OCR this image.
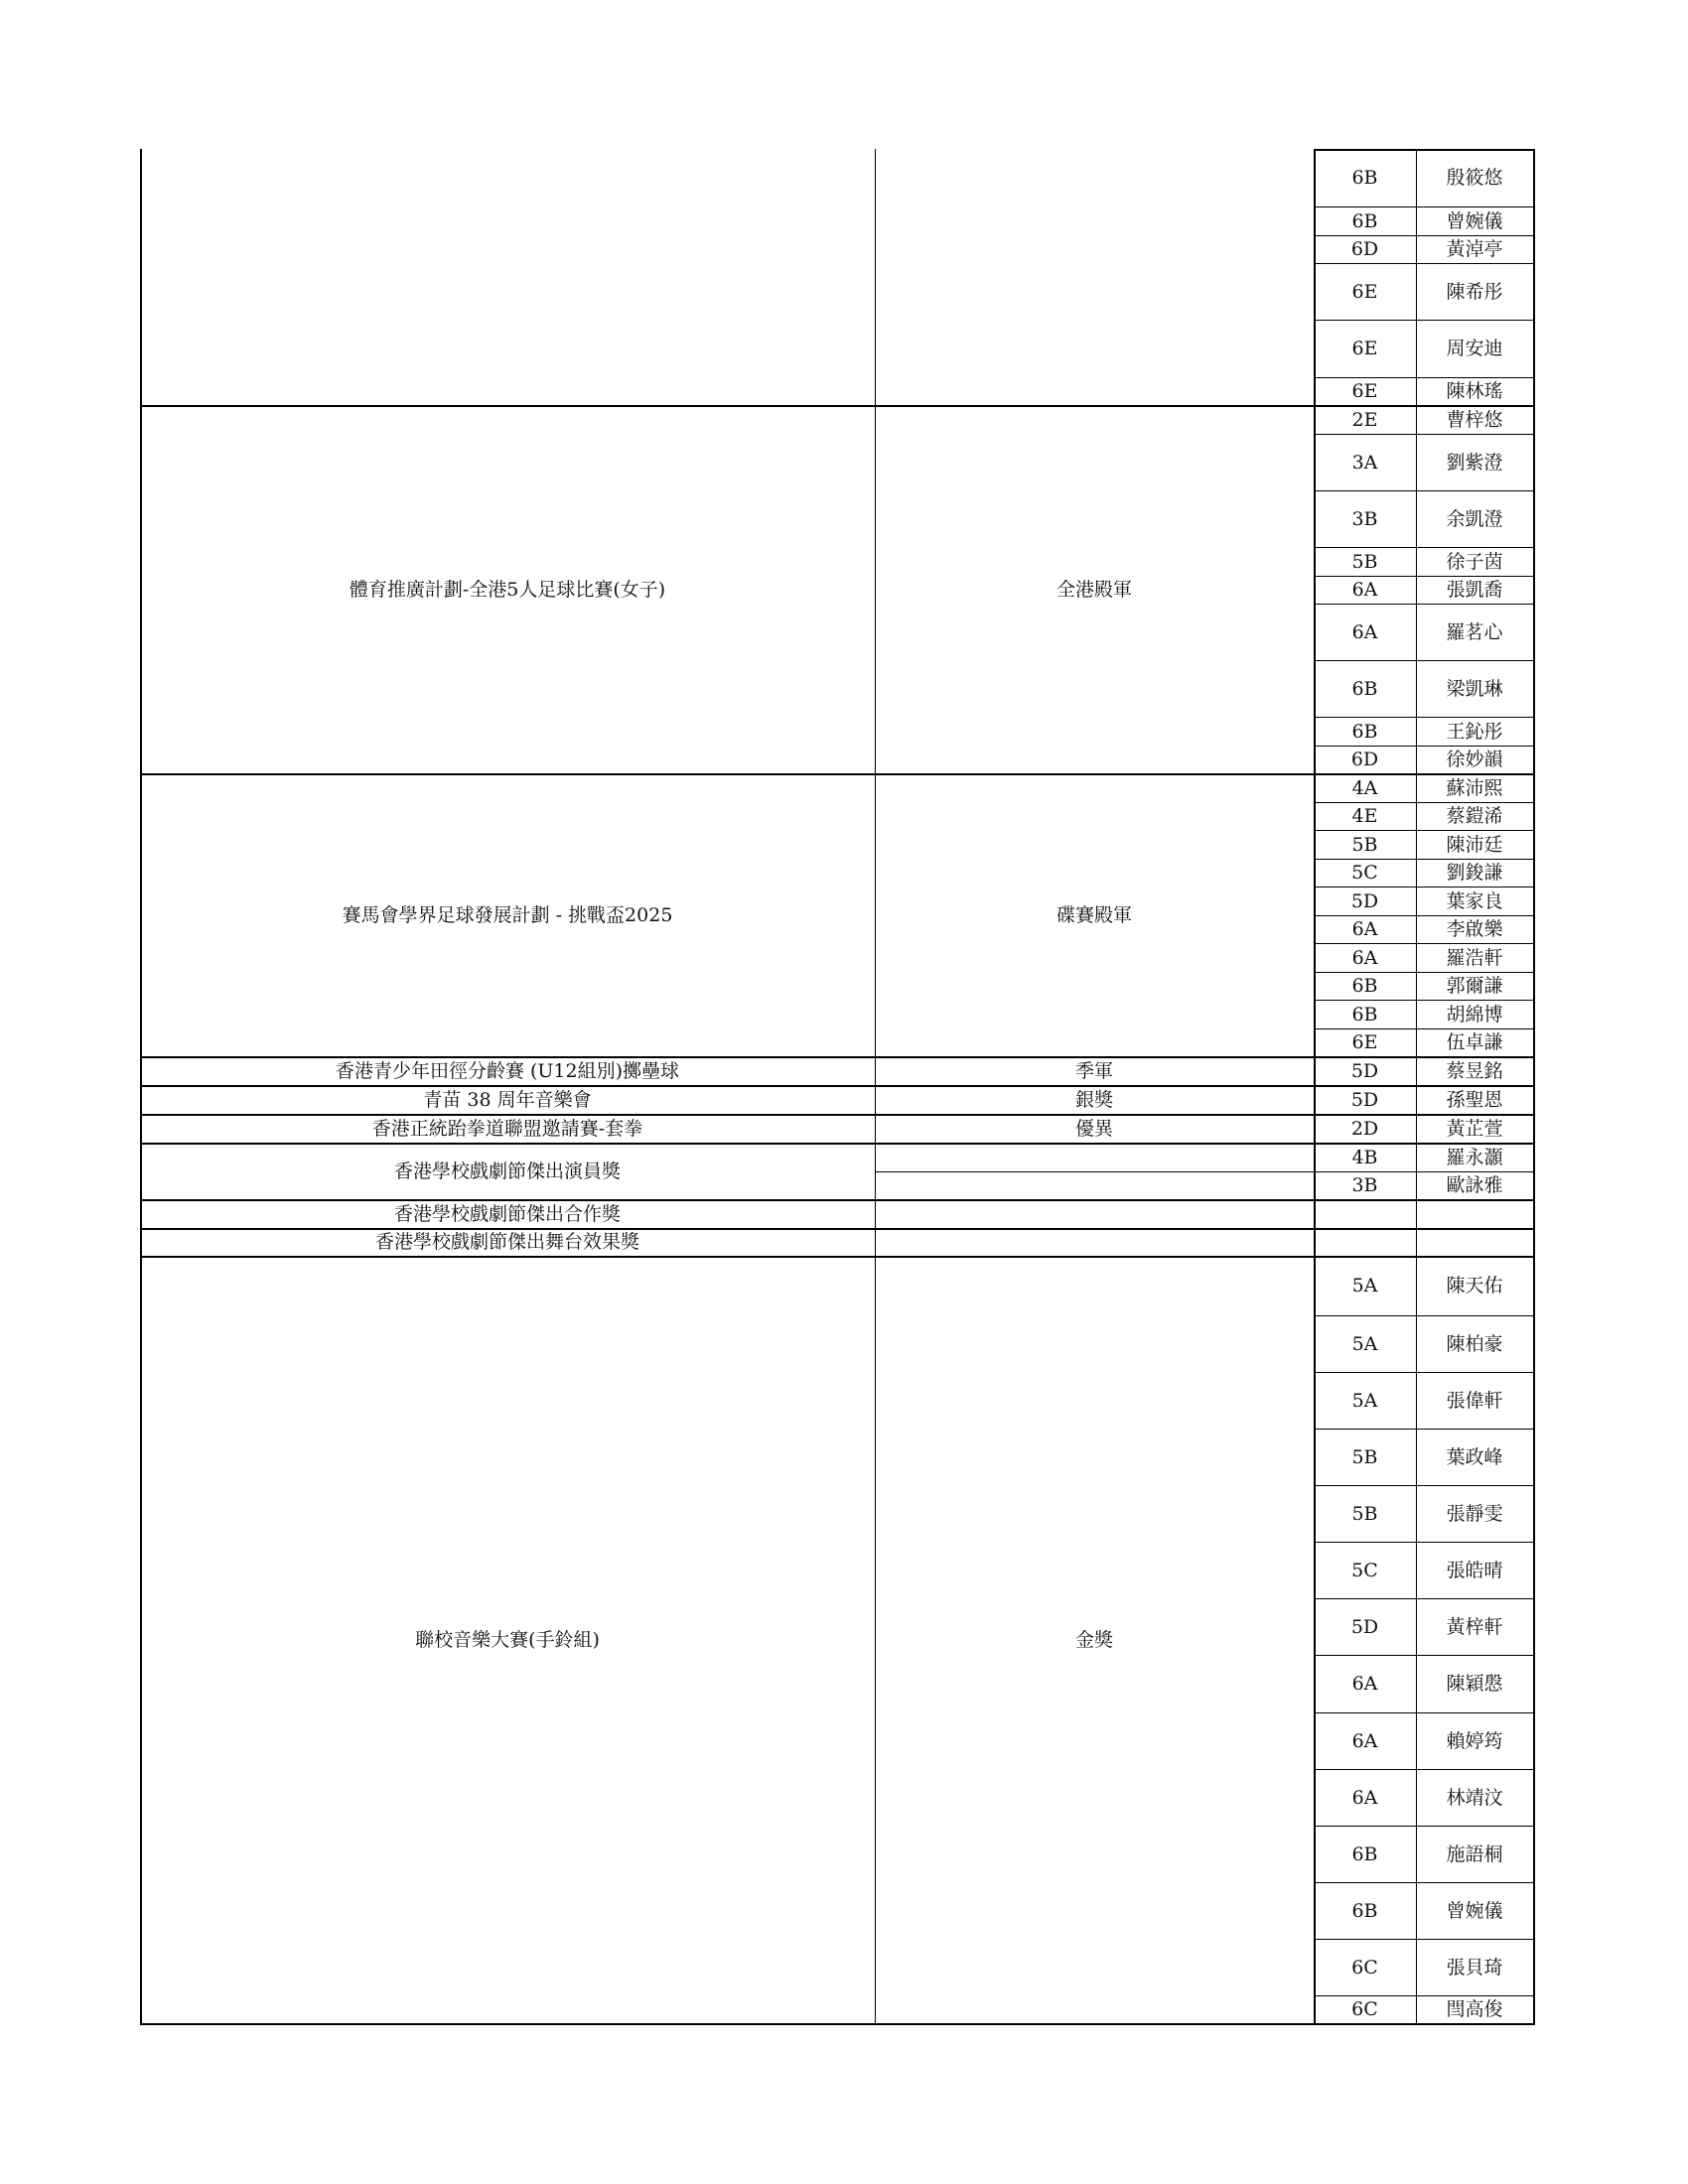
6B	殷筱悠
6B	曾婉儀
6D	黃淖亭
6E	陳希彤
6E	周安迪
6E	陳林瑤
體育推廣計劃-全港5人足球比賽(女子)	全港殿軍
2E	曹梓悠
3A	劉紫澄
3B	余凱澄
5B	徐子茵
6A	張凱喬
6A	羅茗心
6B	梁凱琳
6B	王鈊彤
6D	徐妙韻
賽馬會學界足球發展計劃 - 挑戰盃2025	碟賽殿軍
4A	蘇沛熙
4E	蔡鎧浠
5B	陳沛廷
5C	劉鋑謙
5D	葉家良
6A	李啟樂
6A	羅浩軒
6B	郭爾謙
6B	胡綿博
6E	伍卓謙
香港青少年田徑分齡賽 (U12組別)擲壘球	季軍	5D	蔡昱銘
青苗 38 周年音樂會	銀獎	5D	孫聖恩
香港正統跆拳道聯盟邀請賽-套拳	優異	2D	黃芷萱
香港學校戲劇節傑出演員獎
4B	羅永灝
3B	歐詠雅
香港學校戲劇節傑出合作獎
香港學校戲劇節傑出舞台效果獎
聯校音樂大賽(手鈴組)	金獎
5A	陳天佑
5A	陳柏豪
5A	張偉軒
5B	葉政峰
5B	張靜雯
5C	張皓晴
5D	黃梓軒
6A	陳穎慇
6A	賴婷筠
6A	林靖汶
6B	施語桐
6B	曾婉儀
6C	張貝琦
6C	閆高俊
